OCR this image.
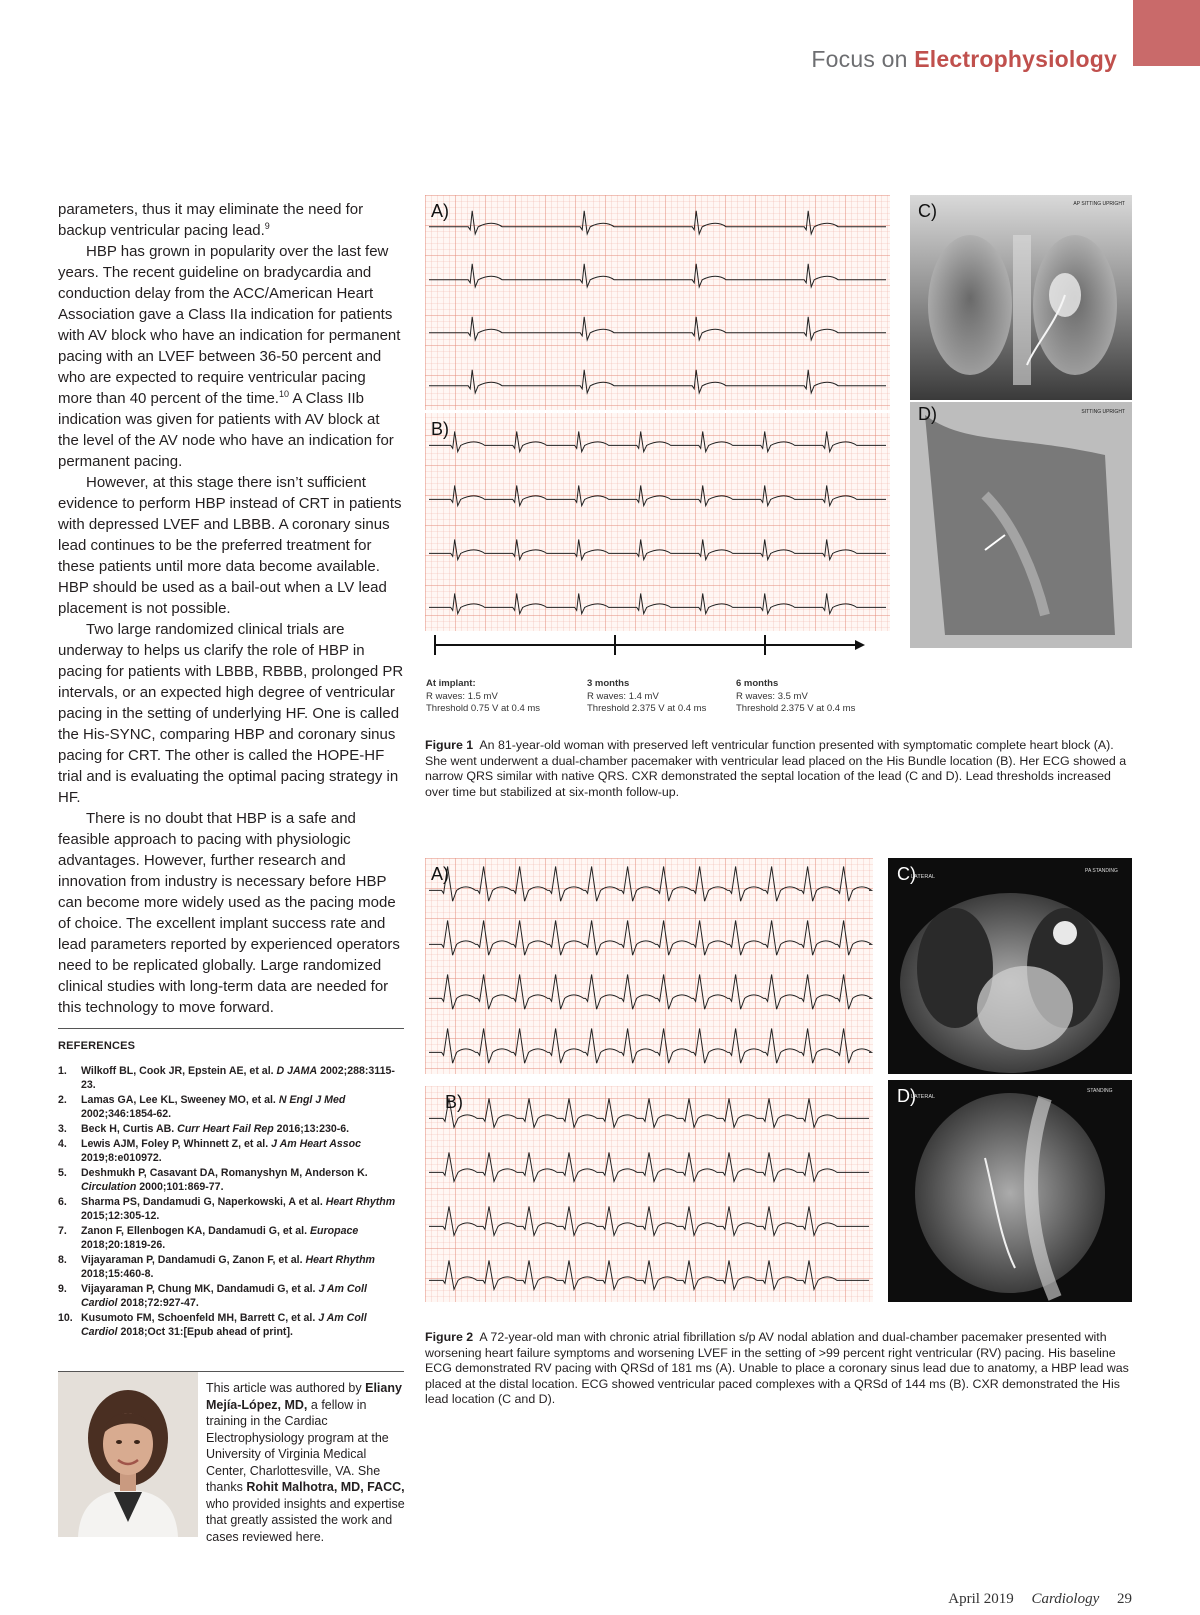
Focus on Electrophysiology

parameters, thus it may eliminate the need for backup ventricular pacing lead.$^9$

HBP has grown in popularity over the last few years. The recent guideline on bradycardia and conduction delay from the ACC/American Heart Association gave a Class IIa indication for patients with AV block who have an indication for permanent pacing with an LVEF between 36-50 percent and who are expected to require ventricular pacing more than 40 percent of the time.$^{10}$ A Class IIb indication was given for patients with AV block at the level of the AV node who have an indication for permanent pacing.

However, at this stage there isn’t sufficient evidence to perform HBP instead of CRT in patients with depressed LVEF and LBBB. A coronary sinus lead continues to be the preferred treatment for these patients until more data become available. HBP should be used as a bail-out when a LV lead placement is not possible.

Two large randomized clinical trials are underway to helps us clarify the role of HBP in pacing for patients with LBBB, RBBB, prolonged PR intervals, or an expected high degree of ventricular pacing in the setting of underlying HF. One is called the His-SYNC, comparing HBP and coronary sinus pacing for CRT. The other is called the HOPE-HF trial and is evaluating the optimal pacing strategy in HF.

There is no doubt that HBP is a safe and feasible approach to pacing with physiologic advantages. However, further research and innovation from industry is necessary before HBP can become more widely used as the pacing mode of choice. The excellent implant success rate and lead parameters reported by experienced operators need to be replicated globally. Large randomized clinical studies with long-term data are needed for this technology to move forward.

REFERENCES
1.	Wilkoff BL, Cook JR, Epstein AE, et al. D JAMA 2002;288:3115-23.
2.	Lamas GA, Lee KL, Sweeney MO, et al. N Engl J Med 2002;346:1854-62.
3.	Beck H, Curtis AB. Curr Heart Fail Rep 2016;13:230-6.
4.	Lewis AJM, Foley P, Whinnett Z, et al. J Am Heart Assoc 2019;8:e010972.
5.	Deshmukh P, Casavant DA, Romanyshyn M, Anderson K. Circulation 2000;101:869-77.
6.	Sharma PS, Dandamudi G, Naperkowski, A et al. Heart Rhythm 2015;12:305-12.
7.	Zanon F, Ellenbogen KA, Dandamudi G, et al. Europace 2018;20:1819-26.
8.	Vijayaraman P, Dandamudi G, Zanon F, et al. Heart Rhythm 2018;15:460-8.
9.	Vijayaraman P, Chung MK, Dandamudi G, et al. J Am Coll Cardiol 2018;72:927-47.
10. Kusumoto FM, Schoenfeld MH, Barrett C, et al. J Am Coll Cardiol 2018;Oct 31:[Epub ahead of print].
This article was authored by Eliany Mejía-López, MD, a fellow in training in the Cardiac Electrophysiology program at the University of Virginia Medical Center, Charlottesville, VA. She thanks Rohit Malhotra, MD, FACC, who provided insights and expertise that greatly assisted the work and cases reviewed here.
A)
B)
C)	AP SITTING UPRIGHT
D)	SITTING UPRIGHT
At implant:
R waves: 1.5 mV
Threshold 0.75 V at 0.4 ms
3 months
R waves: 1.4 mV
Threshold 2.375 V at 0.4 ms
6 months
R waves: 3.5 mV
Threshold 2.375 V at 0.4 ms
Figure 1 An 81-year-old woman with preserved left ventricular function presented with symptomatic complete heart block (A). She went underwent a dual-chamber pacemaker with ventricular lead placed on the His Bundle location (B). Her ECG showed a narrow QRS similar with native QRS. CXR demonstrated the septal location of the lead (C and D). Lead thresholds increased over time but stabilized at six-month follow-up.
A)
B)
C)
LATERAL
PA STANDING
D)
LATERAL
STANDING
Figure 2 A 72-year-old man with chronic atrial fibrillation s/p AV nodal ablation and dual-chamber pacemaker presented with worsening heart failure symptoms and worsening LVEF in the setting of >99 percent right ventricular (RV) pacing. His baseline ECG demonstrated RV pacing with QRSd of 181 ms (A). Unable to place a coronary sinus lead due to anatomy, a HBP lead was placed at the distal location. ECG showed ventricular paced complexes with a QRSd of 144 ms (B). CXR demonstrated the His lead location (C and D).
April 2019 Cardiology 29
